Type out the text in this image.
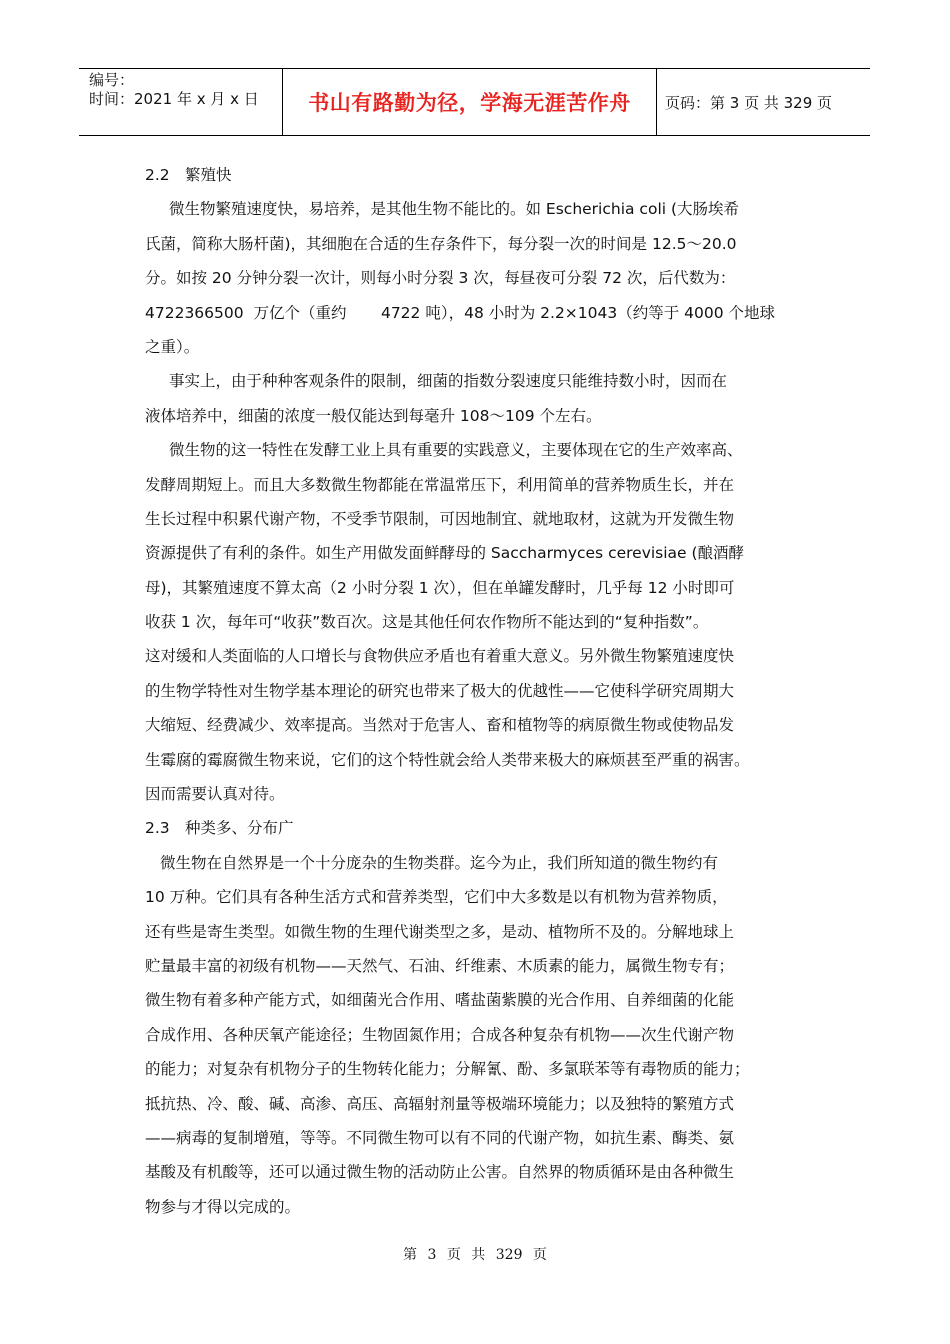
编号：
时间：2021 年 x 月 x 日	书山有路勤为径，学海无涯苦作舟	页码：第 3 页 共 329 页
2.2 繁殖快
微生物繁殖速度快，易培养，是其他生物不能比的。如 Escherichia coli (大肠埃希
氏菌，简称大肠杆菌)，其细胞在合适的生存条件下，每分裂一次的时间是 12.5～20.0
分。如按 20 分钟分裂一次计，则每小时分裂 3 次，每昼夜可分裂 72 次，后代数为：
4722366500  万亿个（重约       4722 吨），48 小时为 2.2×1043（约等于 4000 个地球
之重）。
事实上，由于种种客观条件的限制，细菌的指数分裂速度只能维持数小时，因而在
液体培养中，细菌的浓度一般仅能达到每毫升 108～109 个左右。
微生物的这一特性在发酵工业上具有重要的实践意义，主要体现在它的生产效率高、
发酵周期短上。而且大多数微生物都能在常温常压下，利用简单的营养物质生长，并在
生长过程中积累代谢产物，不受季节限制，可因地制宜、就地取材，这就为开发微生物
资源提供了有利的条件。如生产用做发面鲜酵母的 Saccharmyces cerevisiae (酿酒酵
母)，其繁殖速度不算太高（2 小时分裂 1 次），但在单罐发酵时，几乎每 12 小时即可
收获 1 次，每年可“收获”数百次。这是其他任何农作物所不能达到的“复种指数”。
这对缓和人类面临的人口增长与食物供应矛盾也有着重大意义。另外微生物繁殖速度快
的生物学特性对生物学基本理论的研究也带来了极大的优越性——它使科学研究周期大
大缩短、经费减少、效率提高。当然对于危害人、畜和植物等的病原微生物或使物品发
生霉腐的霉腐微生物来说，它们的这个特性就会给人类带来极大的麻烦甚至严重的祸害。
因而需要认真对待。
2.3 种类多、分布广
微生物在自然界是一个十分庞杂的生物类群。迄今为止，我们所知道的微生物约有
10 万种。它们具有各种生活方式和营养类型，它们中大多数是以有机物为营养物质，
还有些是寄生类型。如微生物的生理代谢类型之多，是动、植物所不及的。分解地球上
贮量最丰富的初级有机物——天然气、石油、纤维素、木质素的能力，属微生物专有；
微生物有着多种产能方式，如细菌光合作用、嗜盐菌紫膜的光合作用、自养细菌的化能
合成作用、各种厌氧产能途径；生物固氮作用；合成各种复杂有机物——次生代谢产物
的能力；对复杂有机物分子的生物转化能力；分解氰、酚、多氯联苯等有毒物质的能力；
抵抗热、冷、酸、碱、高渗、高压、高辐射剂量等极端环境能力；以及独特的繁殖方式
——病毒的复制增殖，等等。不同微生物可以有不同的代谢产物，如抗生素、酶类、氨
基酸及有机酸等，还可以通过微生物的活动防止公害。自然界的物质循环是由各种微生
物参与才得以完成的。
第 3 页 共 329 页
